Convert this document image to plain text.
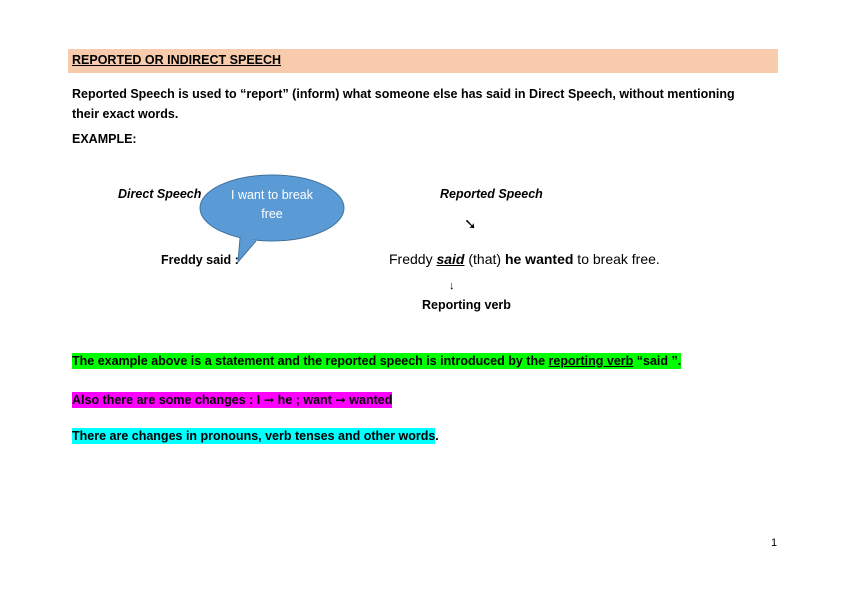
REPORTED OR INDIRECT SPEECH
Reported Speech is used to “report” (inform) what someone else has said in Direct Speech, without mentioning their exact words.
EXAMPLE:
Direct Speech	Reported Speech
I want to break free
Freddy said :
➘
Freddy said (that) he wanted to break free.
↓
Reporting verb
The example above is a statement and the reported speech is introduced by the reporting verb “said ”.
Also there are some changes : I ➞ he ; want ➞ wanted
There are changes in pronouns, verb tenses and other words.
1
